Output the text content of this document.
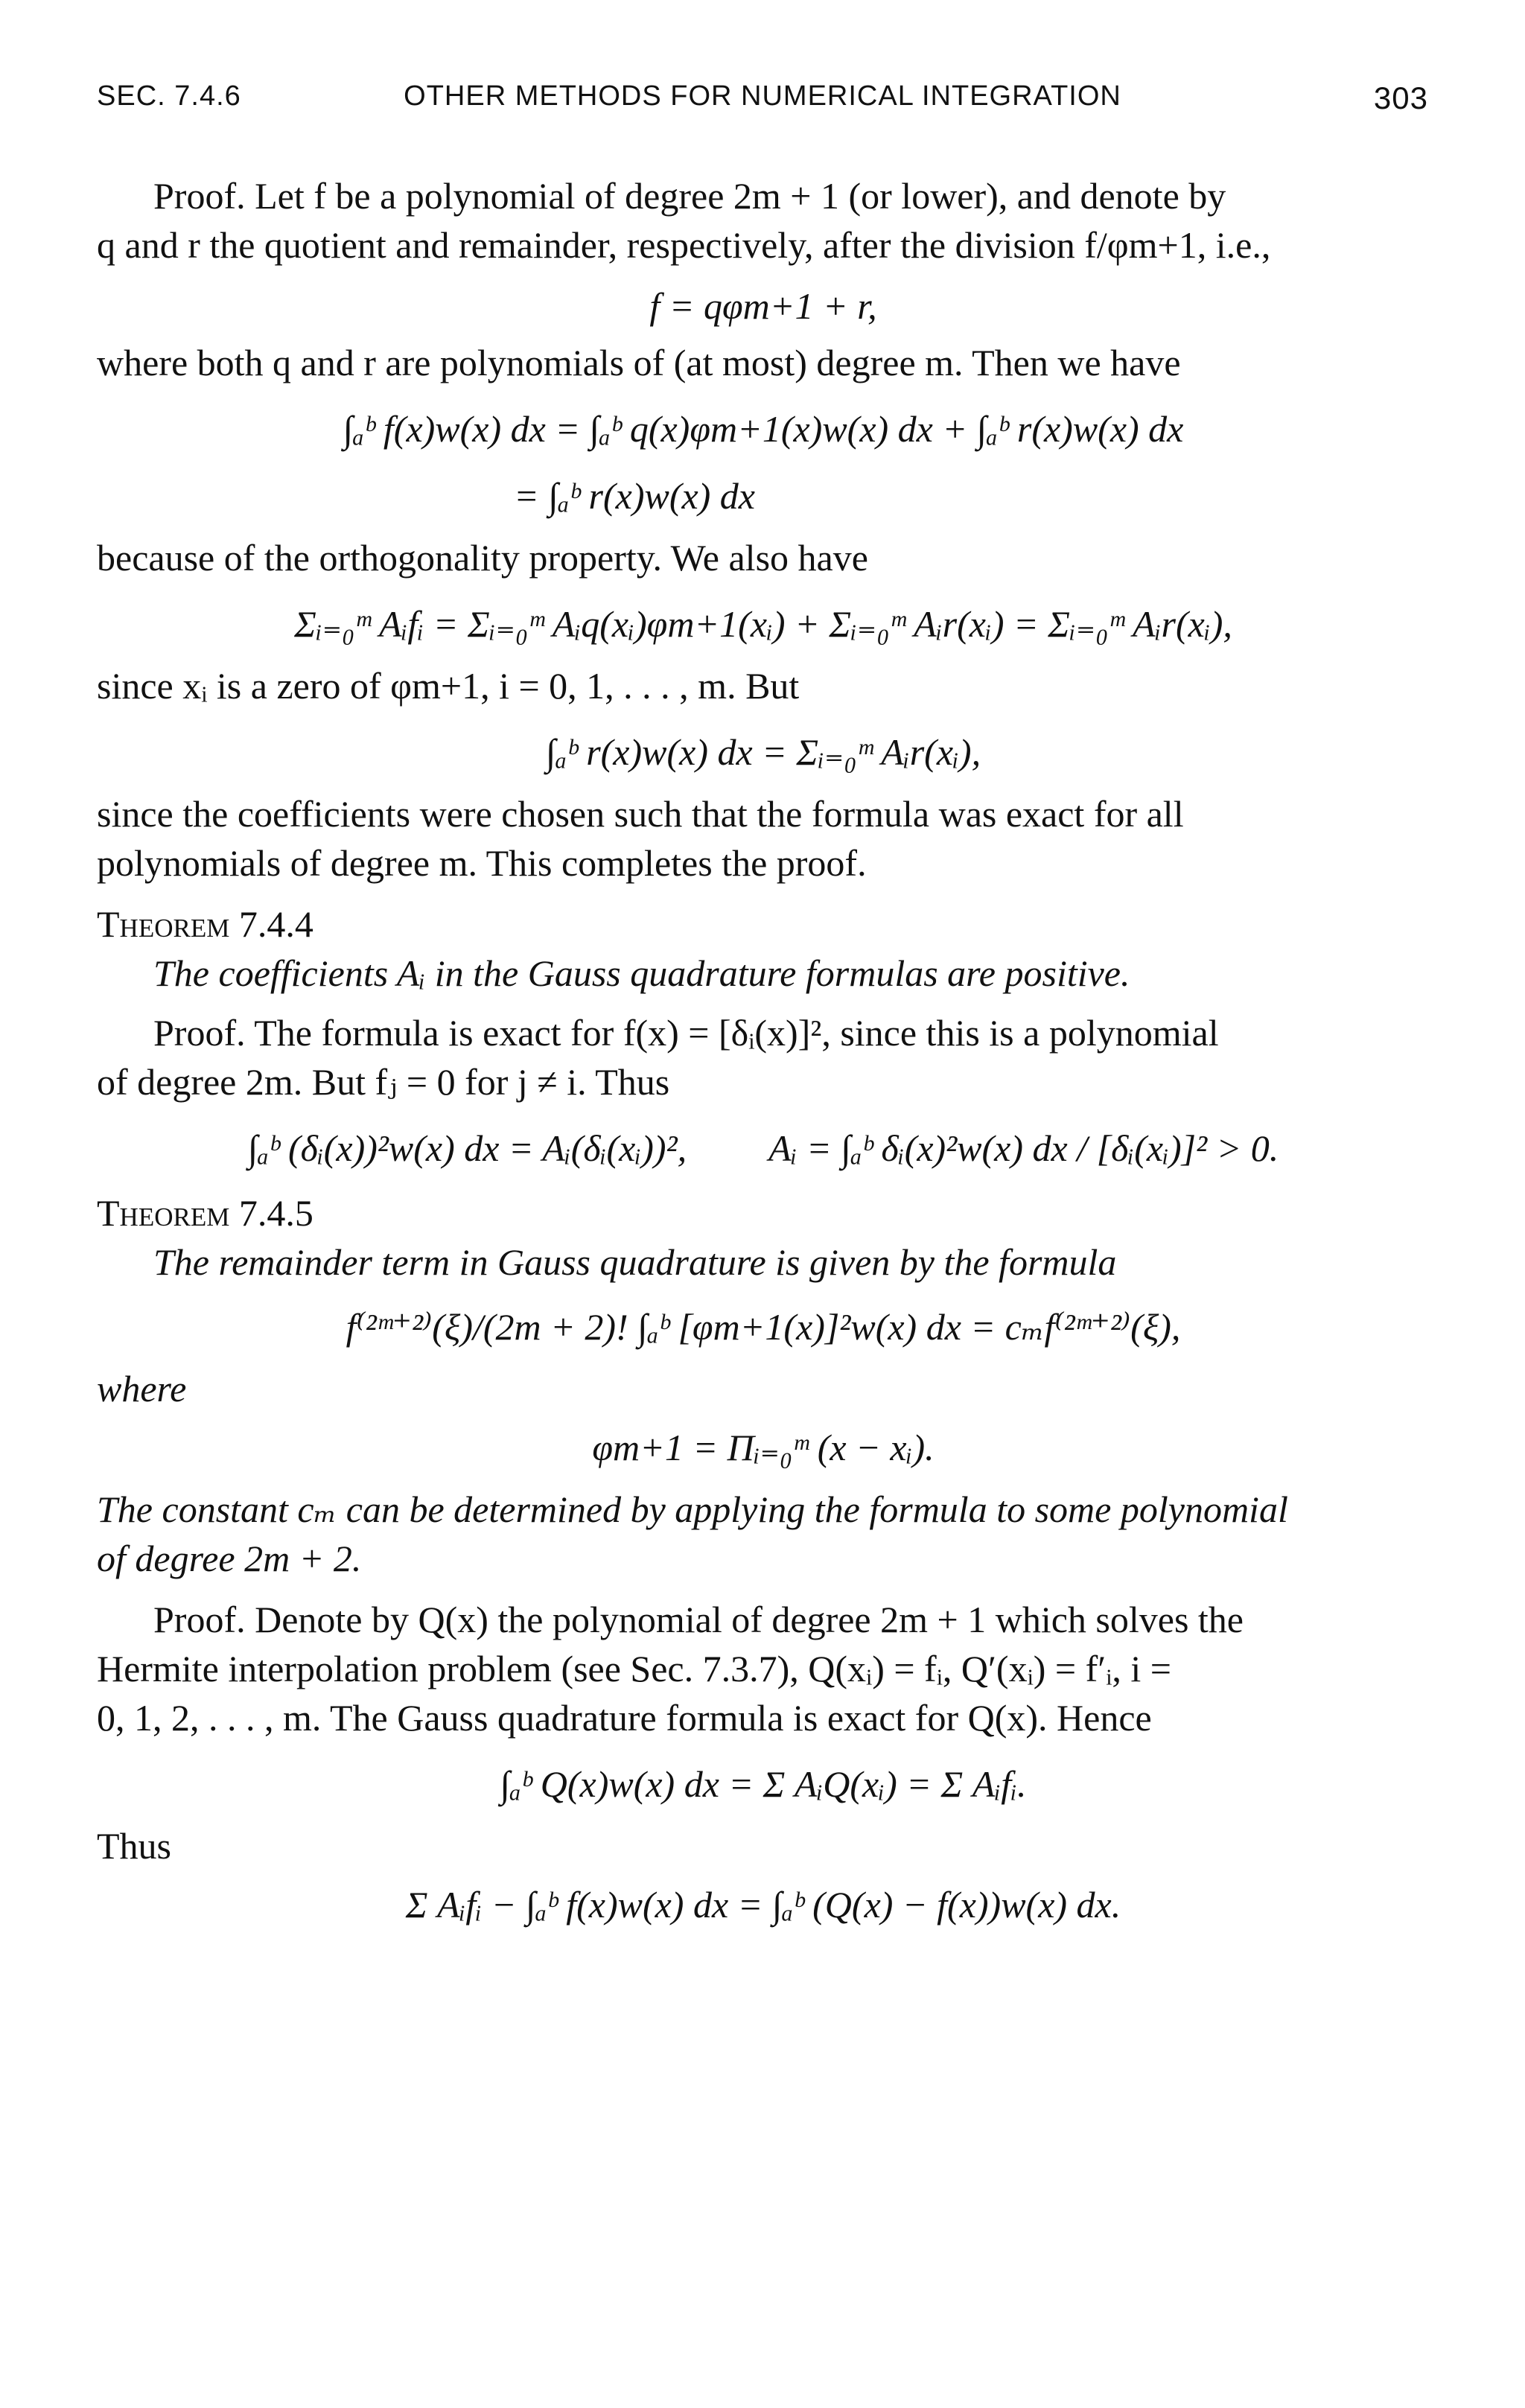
SEC. 7.4.6	OTHER METHODS FOR NUMERICAL INTEGRATION	303

Proof. Let f be a polynomial of degree 2m + 1 (or lower), and denote by

q and r the quotient and remainder, respectively, after the division f/φm+1, i.e.,

f = qφm+1 + r,

where both q and r are polynomials of (at most) degree m. Then we have

∫ₐᵇ f(x)w(x) dx = ∫ₐᵇ q(x)φm+1(x)w(x) dx + ∫ₐᵇ r(x)w(x) dx

= ∫ₐᵇ r(x)w(x) dx

because of the orthogonality property. We also have

Σᵢ₌₀ᵐ Aᵢfᵢ = Σᵢ₌₀ᵐ Aᵢq(xᵢ)φm+1(xᵢ) + Σᵢ₌₀ᵐ Aᵢr(xᵢ) = Σᵢ₌₀ᵐ Aᵢr(xᵢ),

since xᵢ is a zero of φm+1, i = 0, 1, . . . , m. But

∫ₐᵇ r(x)w(x) dx = Σᵢ₌₀ᵐ Aᵢr(xᵢ),

since the coefficients were chosen such that the formula was exact for all

polynomials of degree m. This completes the proof.

Theorem 7.4.4

The coefficients Aᵢ in the Gauss quadrature formulas are positive.

Proof. The formula is exact for f(x) = [δᵢ(x)]², since this is a polynomial

of degree 2m. But fⱼ = 0 for j ≠ i. Thus

∫ₐᵇ (δᵢ(x))²w(x) dx = Aᵢ(δᵢ(xᵢ))², Aᵢ = ∫ₐᵇ δᵢ(x)²w(x) dx / [δᵢ(xᵢ)]² > 0.

Theorem 7.4.5

The remainder term in Gauss quadrature is given by the formula

f⁽²ᵐ⁺²⁾(ξ)/(2m + 2)! ∫ₐᵇ [φm+1(x)]²w(x) dx = cₘf⁽²ᵐ⁺²⁾(ξ),

where

φm+1 = Πᵢ₌₀ᵐ (x − xᵢ).

The constant cₘ can be determined by applying the formula to some polynomial

of degree 2m + 2.

Proof. Denote by Q(x) the polynomial of degree 2m + 1 which solves the

Hermite interpolation problem (see Sec. 7.3.7), Q(xᵢ) = fᵢ, Q′(xᵢ) = f′ᵢ, i =

0, 1, 2, . . . , m. The Gauss quadrature formula is exact for Q(x). Hence

∫ₐᵇ Q(x)w(x) dx = Σ AᵢQ(xᵢ) = Σ Aᵢfᵢ.

Thus

Σ Aᵢfᵢ − ∫ₐᵇ f(x)w(x) dx = ∫ₐᵇ (Q(x) − f(x))w(x) dx.
